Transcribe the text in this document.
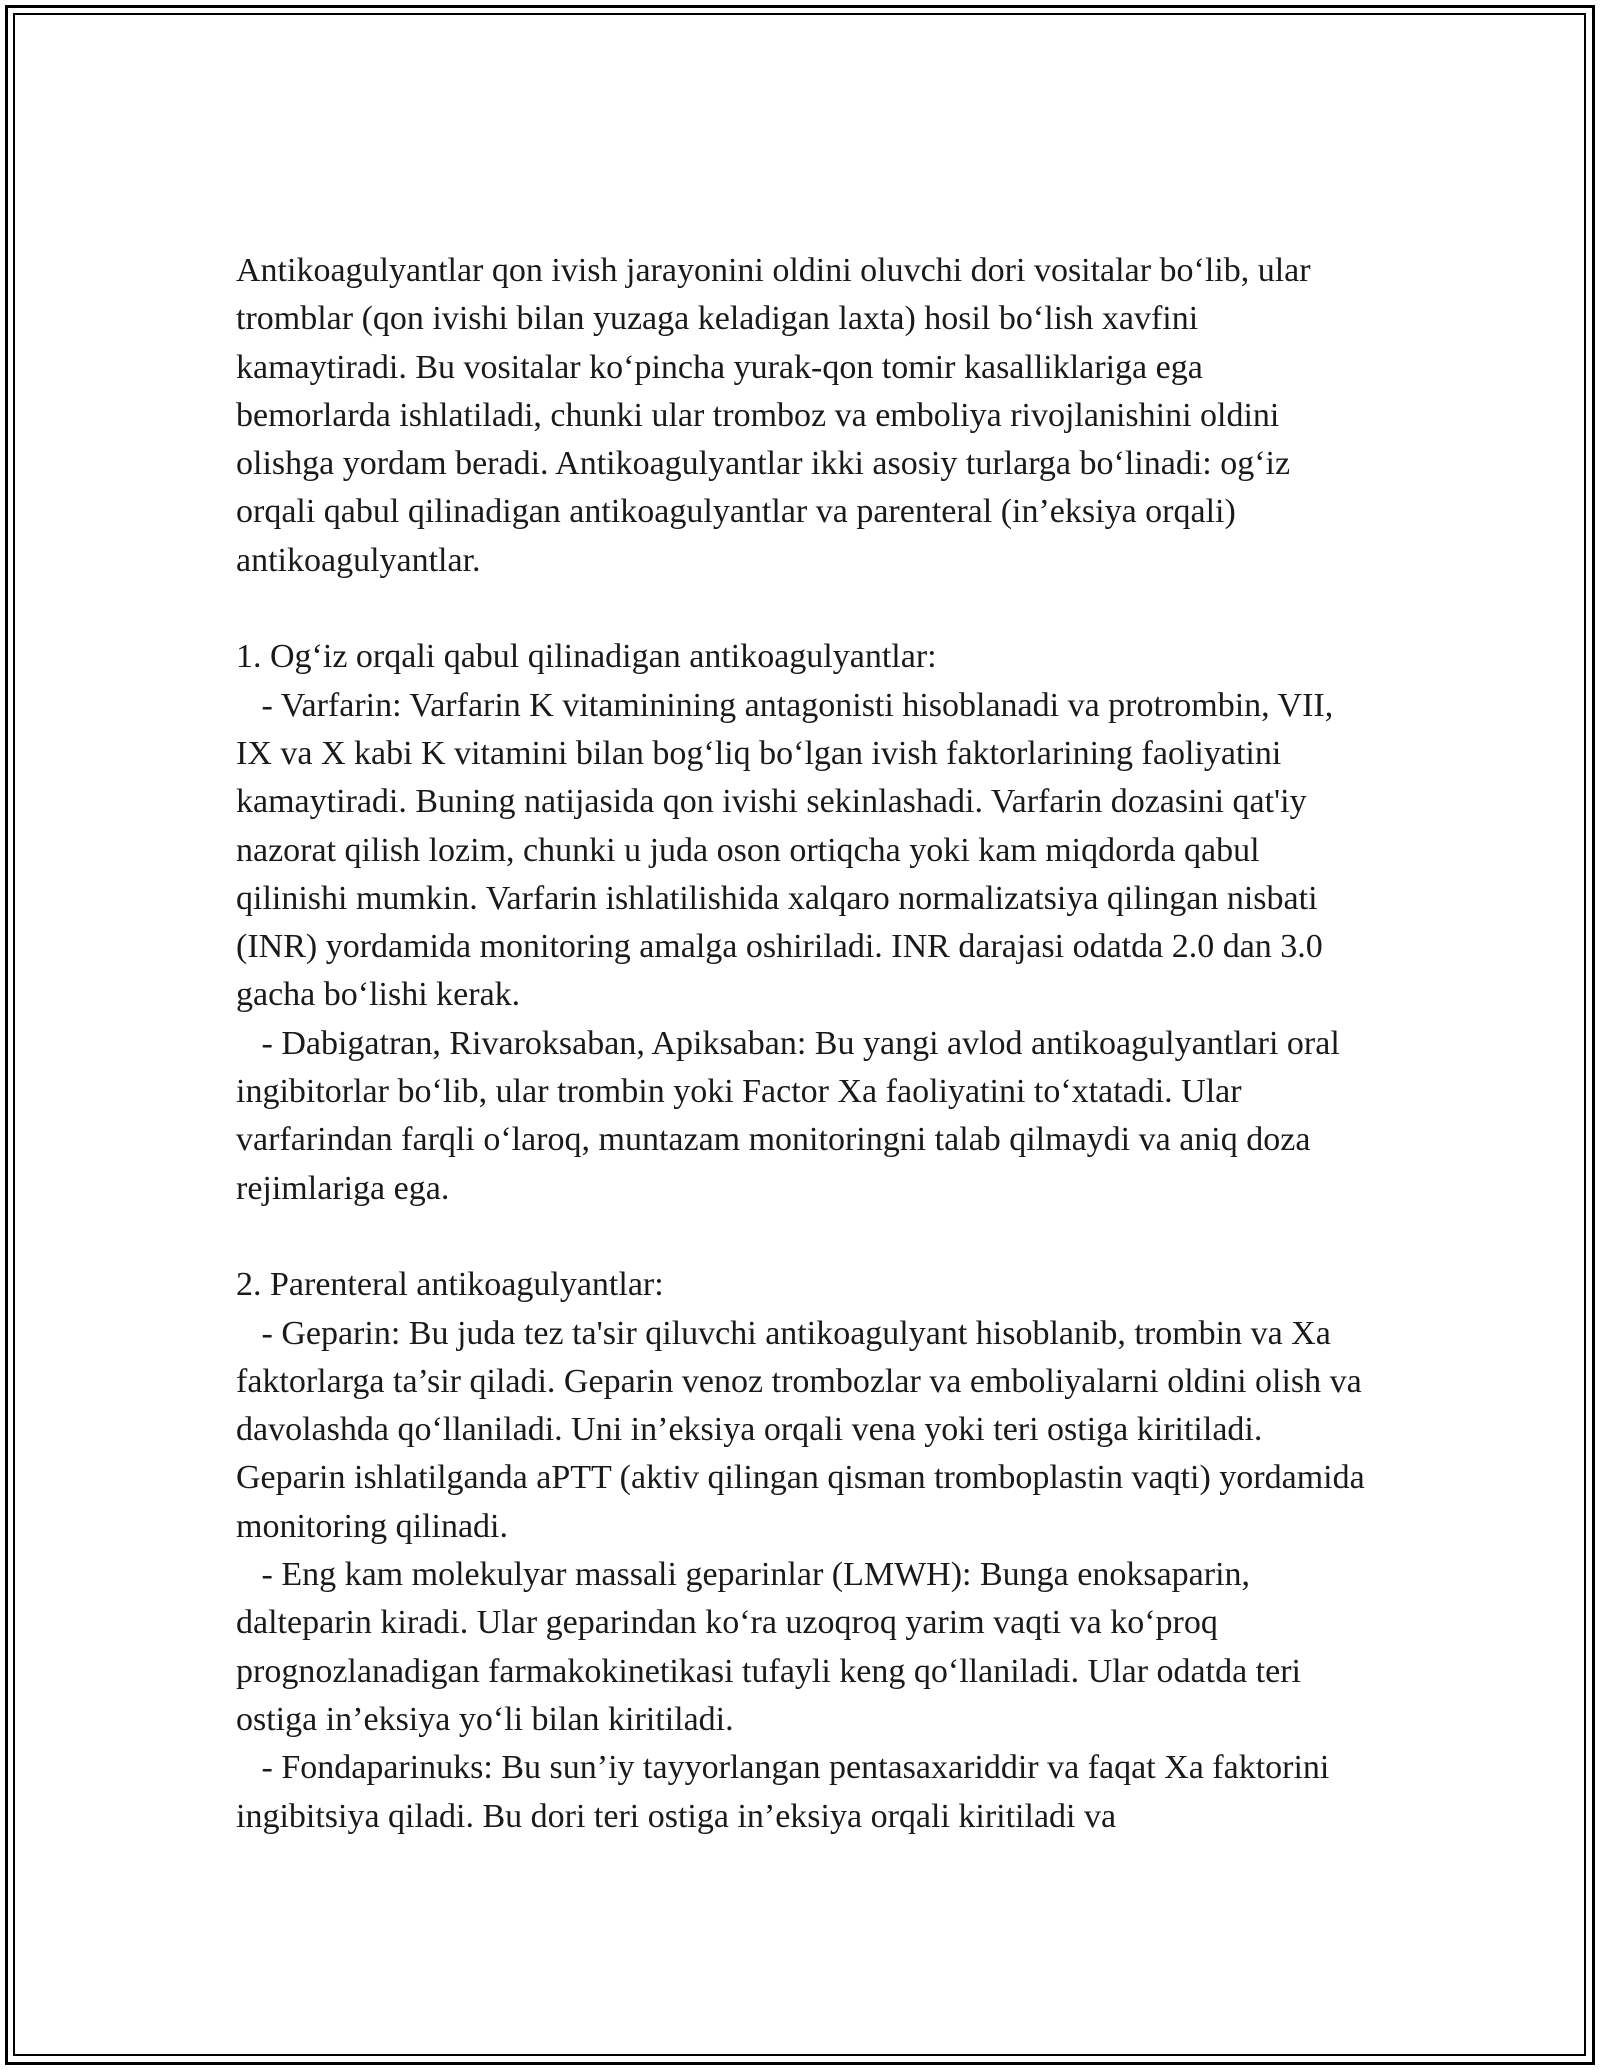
Antikoagulyantlar qon ivish jarayonini oldini oluvchi dori vositalar bo‘lib, ular tromblar (qon ivishi bilan yuzaga keladigan laxta) hosil bo‘lish xavfini kamaytiradi. Bu vositalar ko‘pincha yurak-qon tomir kasalliklariga ega bemorlarda ishlatiladi, chunki ular tromboz va emboliya rivojlanishini oldini olishga yordam beradi. Antikoagulyantlar ikki asosiy turlarga bo‘linadi: og‘iz orqali qabul qilinadigan antikoagulyantlar va parenteral (in’eksiya orqali) antikoagulyantlar.

1. Og‘iz orqali qabul qilinadigan antikoagulyantlar:

- Varfarin: Varfarin K vitaminining antagonisti hisoblanadi va protrombin, VII, IX va X kabi K vitamini bilan bog‘liq bo‘lgan ivish faktorlarining faoliyatini kamaytiradi. Buning natijasida qon ivishi sekinlashadi. Varfarin dozasini qat'iy nazorat qilish lozim, chunki u juda oson ortiqcha yoki kam miqdorda qabul qilinishi mumkin. Varfarin ishlatilishida xalqaro normalizatsiya qilingan nisbati (INR) yordamida monitoring amalga oshiriladi. INR darajasi odatda 2.0 dan 3.0 gacha bo‘lishi kerak.

- Dabigatran, Rivaroksaban, Apiksaban: Bu yangi avlod antikoagulyantlari oral ingibitorlar bo‘lib, ular trombin yoki Factor Xa faoliyatini to‘xtatadi. Ular varfarindan farqli o‘laroq, muntazam monitoringni talab qilmaydi va aniq doza rejimlariga ega.

2. Parenteral antikoagulyantlar:

- Geparin: Bu juda tez ta'sir qiluvchi antikoagulyant hisoblanib, trombin va Xa faktorlarga ta’sir qiladi. Geparin venoz trombozlar va emboliyalarni oldini olish va davolashda qo‘llaniladi. Uni in’eksiya orqali vena yoki teri ostiga kiritiladi. Geparin ishlatilganda aPTT (aktiv qilingan qisman tromboplastin vaqti) yordamida monitoring qilinadi.

- Eng kam molekulyar massali geparinlar (LMWH): Bunga enoksaparin, dalteparin kiradi. Ular geparindan ko‘ra uzoqroq yarim vaqti va ko‘proq prognozlanadigan farmakokinetikasi tufayli keng qo‘llaniladi. Ular odatda teri ostiga in’eksiya yo‘li bilan kiritiladi.

- Fondaparinuks: Bu sun’iy tayyorlangan pentasaxariddir va faqat Xa faktorini ingibitsiya qiladi. Bu dori teri ostiga in’eksiya orqali kiritiladi va
